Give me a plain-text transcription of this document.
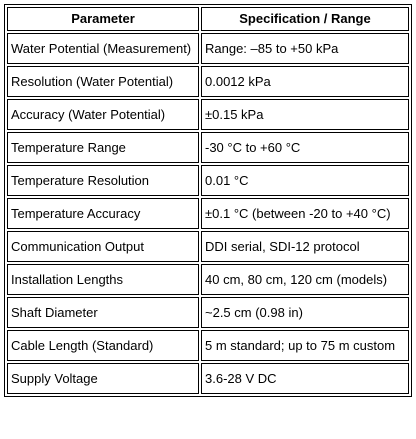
Parameter	Specification / Range
Water Potential (Measurement)	Range: –85 to +50 kPa
Resolution (Water Potential)	0.0012 kPa
Accuracy (Water Potential)	±0.15 kPa
Temperature Range	-30 °C to +60 °C
Temperature Resolution	0.01 °C
Temperature Accuracy	±0.1 °C (between -20 to +40 °C)
Communication Output	DDI serial, SDI-12 protocol
Installation Lengths	40 cm, 80 cm, 120 cm (models)
Shaft Diameter	~2.5 cm (0.98 in)
Cable Length (Standard)	5 m standard; up to 75 m custom
Supply Voltage	3.6-28 V DC
